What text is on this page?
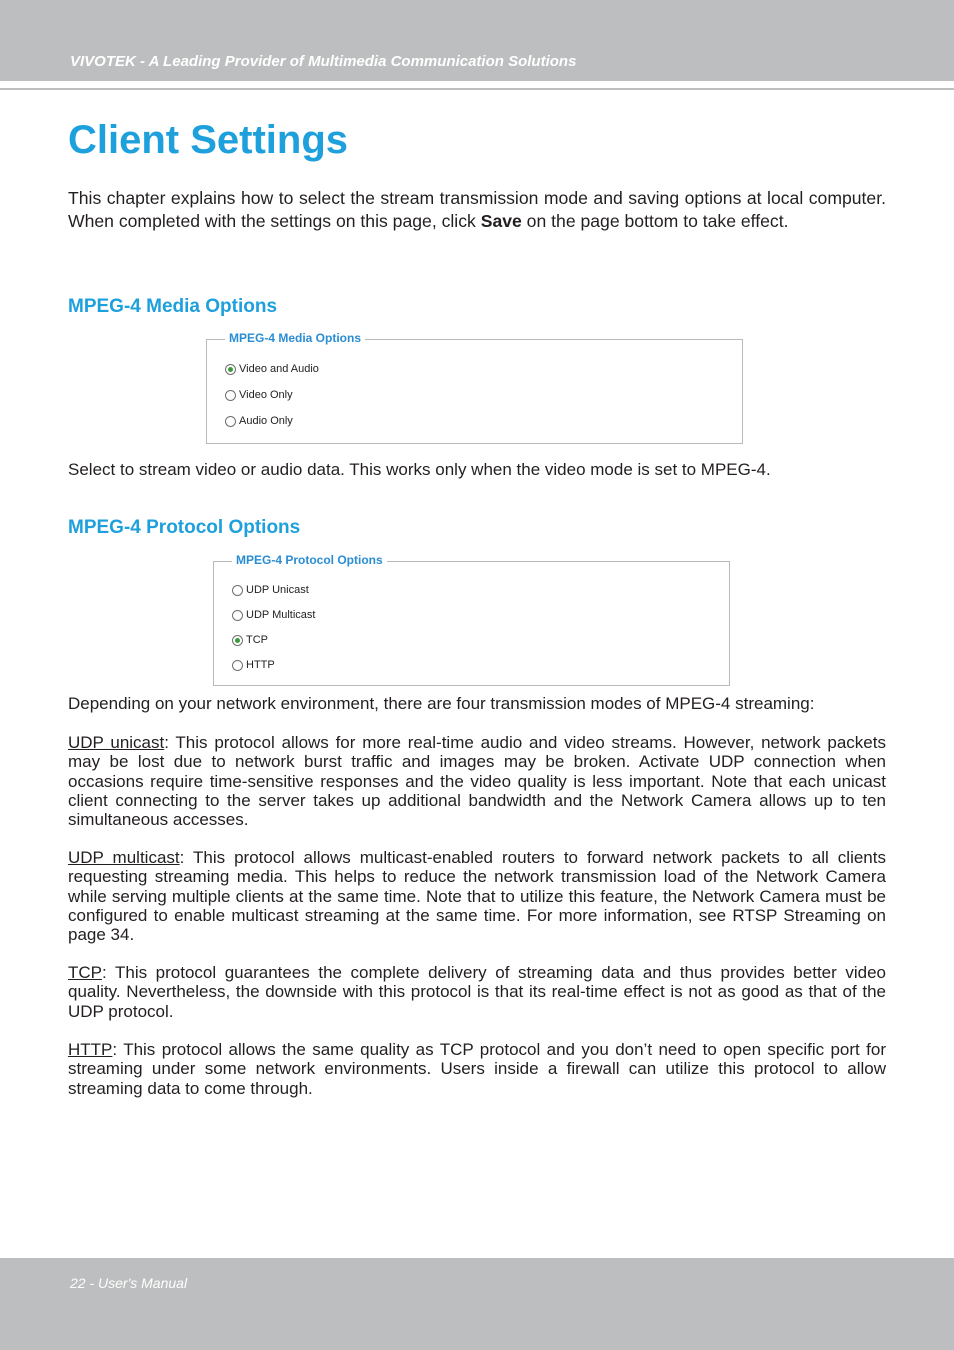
VIVOTEK - A Leading Provider of Multimedia Communication Solutions
Client Settings

This chapter explains how to select the stream transmission mode and saving options at local computer. When completed with the settings on this page, click Save on the page bottom to take effect.

MPEG-4 Media Options
MPEG-4 Media Options
Video and Audio
Video Only
Audio Only

Select to stream video or audio data. This works only when the video mode is set to MPEG-4.

MPEG-4 Protocol Options
MPEG-4 Protocol Options
UDP Unicast
UDP Multicast
TCP
HTTP

Depending on your network environment, there are four transmission modes of MPEG-4 streaming:

UDP unicast: This protocol allows for more real-time audio and video streams. However, network packets may be lost due to network burst traffic and images may be broken. Activate UDP connection when occasions require time-sensitive responses and the video quality is less important. Note that each unicast client connecting to the server takes up additional bandwidth and the Network Camera allows up to ten simultaneous accesses.

UDP multicast: This protocol allows multicast-enabled routers to forward network packets to all clients requesting streaming media. This helps to reduce the network transmission load of the Network Camera while serving multiple clients at the same time. Note that to utilize this feature, the Network Camera must be configured to enable multicast streaming at the same time. For more information, see RTSP Streaming on page 34.

TCP: This protocol guarantees the complete delivery of streaming data and thus provides better video quality. Nevertheless, the downside with this protocol is that its real-time effect is not as good as that of the UDP protocol.

HTTP: This protocol allows the same quality as TCP protocol and you don’t need to open specific port for streaming under some network environments. Users inside a firewall can utilize this protocol to allow streaming data to come through.

22 - User's Manual
